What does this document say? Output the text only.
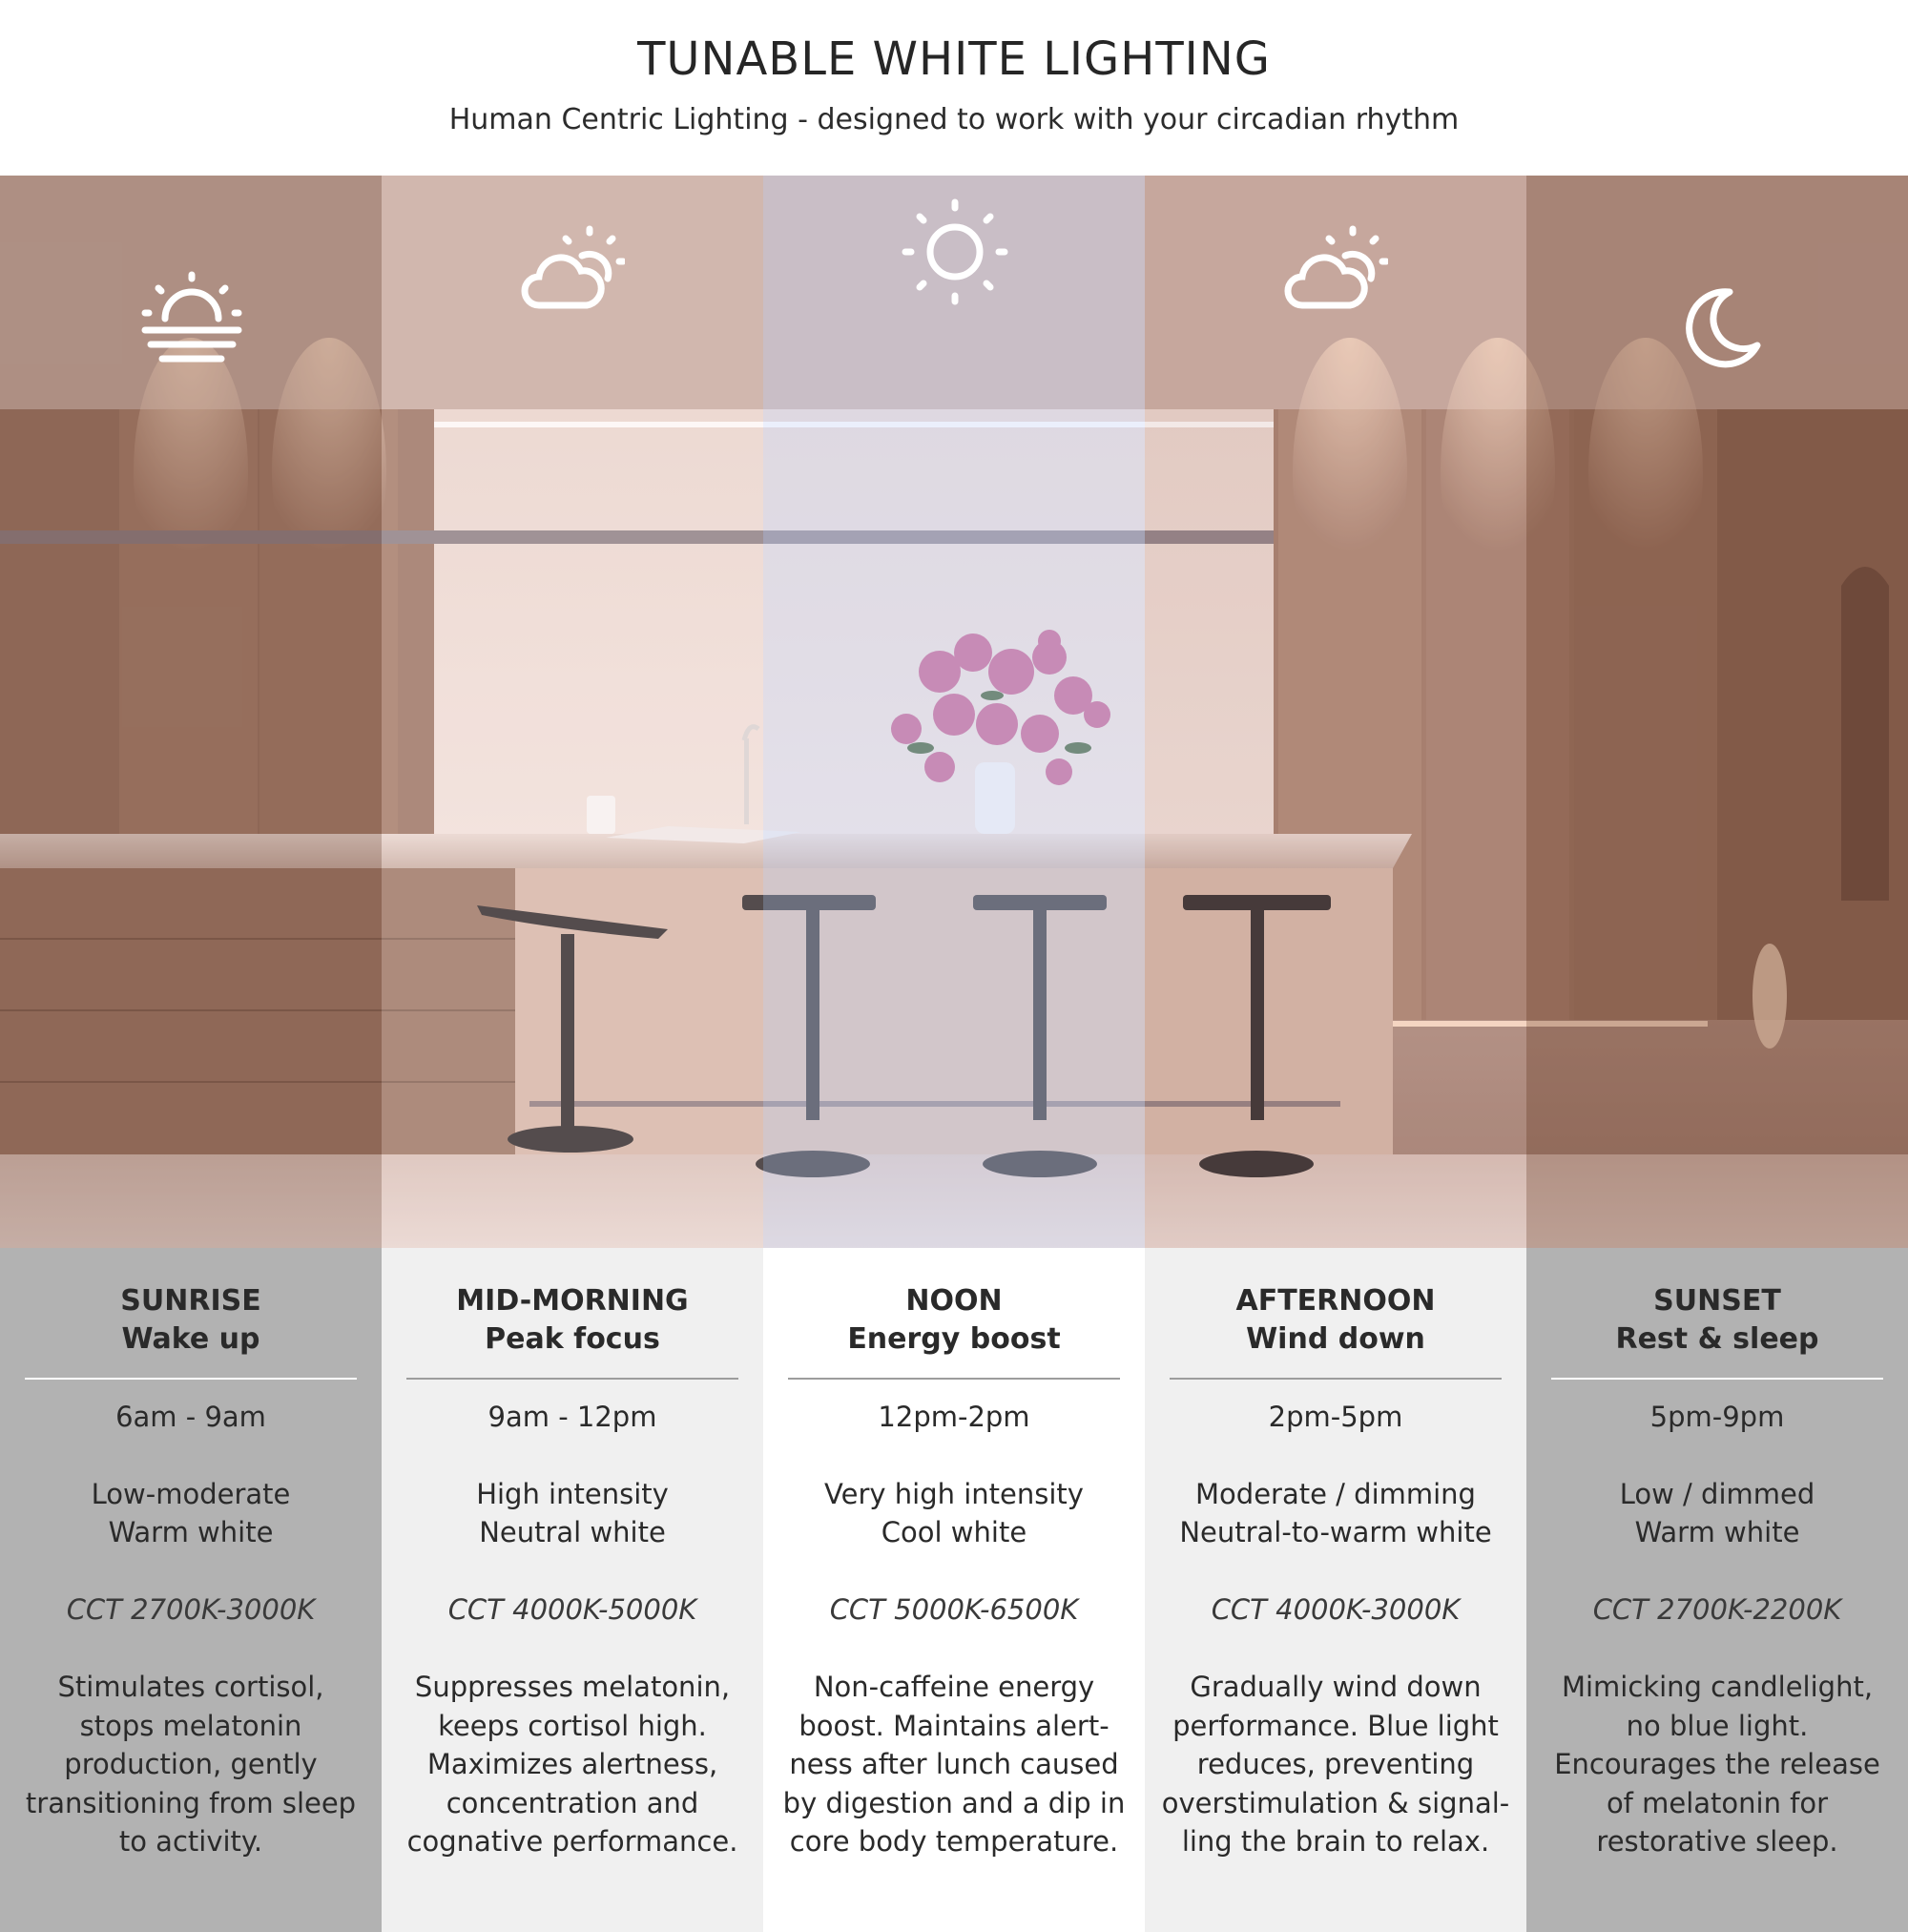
TUNABLE WHITE LIGHTING
Human Centric Lighting - designed to work with your circadian rhythm
SUNRISE
Wake up
6am - 9am
Low-moderate
Warm white
CCT 2700K-3000K
Stimulates cortisol,
stops melatonin
production, gently
transitioning from sleep
to activity.
MID-MORNING
Peak focus
9am - 12pm
High intensity
Neutral white
CCT 4000K-5000K
Suppresses melatonin,
keeps cortisol high.
Maximizes alertness,
concentration and
cognative performance.
NOON
Energy boost
12pm-2pm
Very high intensity
Cool white
CCT 5000K-6500K
Non-caffeine energy
boost. Maintains alert-
ness after lunch caused
by digestion and a dip in
core body temperature.
AFTERNOON
Wind down
2pm-5pm
Moderate / dimming
Neutral-to-warm white
CCT 4000K-3000K
Gradually wind down
performance. Blue light
reduces, preventing
overstimulation & signal-
ling the brain to relax.
SUNSET
Rest & sleep
5pm-9pm
Low / dimmed
Warm white
CCT 2700K-2200K
Mimicking candlelight,
no blue light.
Encourages the release
of melatonin for
restorative sleep.
